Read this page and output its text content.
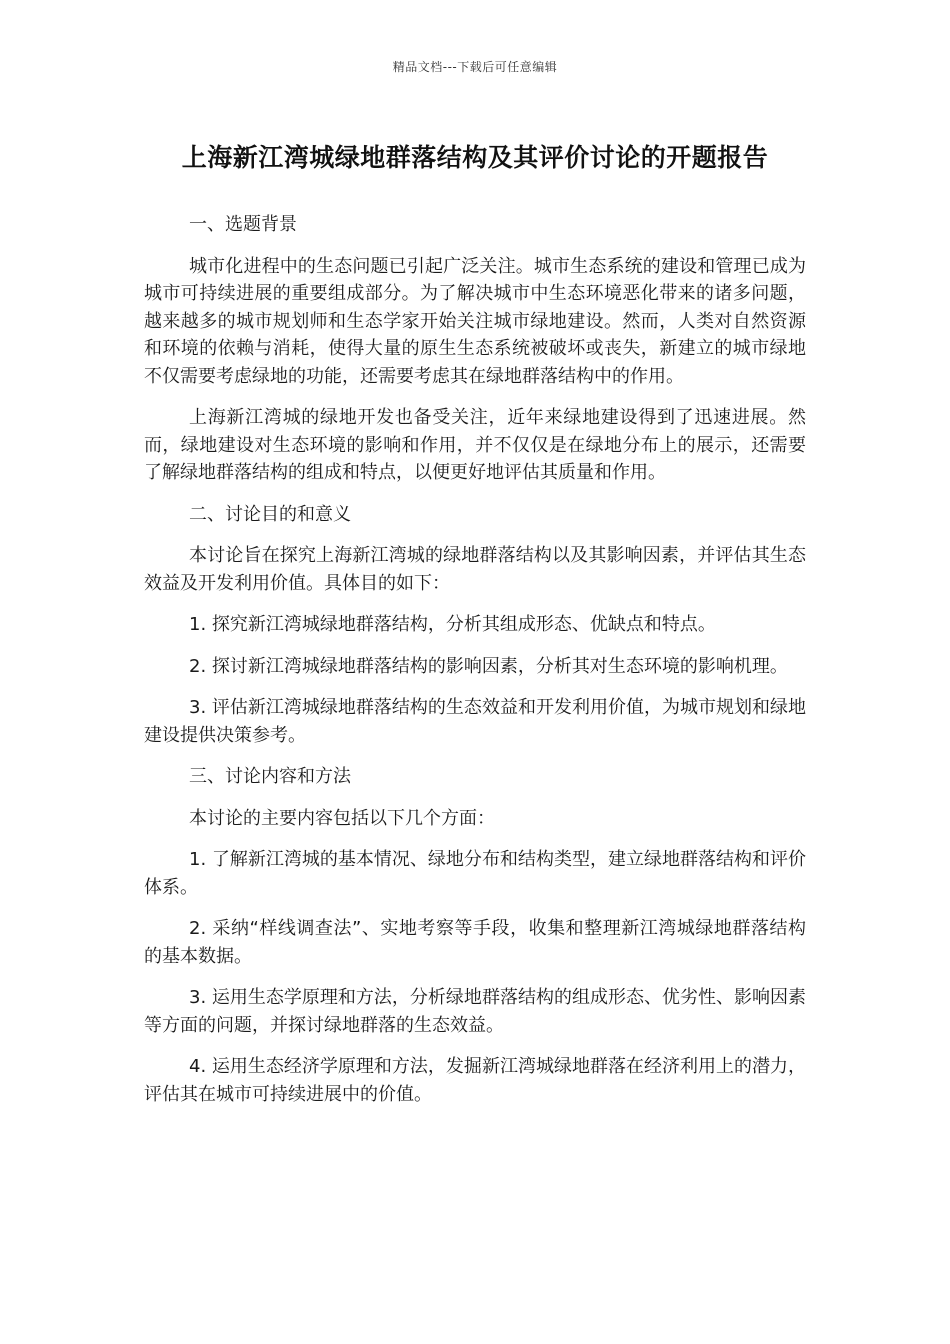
精品文档---下载后可任意编辑
上海新江湾城绿地群落结构及其评价讨论的开题报告
一、选题背景

城市化进程中的生态问题已引起广泛关注。城市生态系统的建设和管理已成为城市可持续进展的重要组成部分。为了解决城市中生态环境恶化带来的诸多问题，越来越多的城市规划师和生态学家开始关注城市绿地建设。然而，人类对自然资源和环境的依赖与消耗，使得大量的原生生态系统被破坏或丧失，新建立的城市绿地不仅需要考虑绿地的功能，还需要考虑其在绿地群落结构中的作用。

上海新江湾城的绿地开发也备受关注，近年来绿地建设得到了迅速进展。然而，绿地建设对生态环境的影响和作用，并不仅仅是在绿地分布上的展示，还需要了解绿地群落结构的组成和特点，以便更好地评估其质量和作用。

二、讨论目的和意义

本讨论旨在探究上海新江湾城的绿地群落结构以及其影响因素，并评估其生态效益及开发利用价值。具体目的如下：

1. 探究新江湾城绿地群落结构，分析其组成形态、优缺点和特点。

2. 探讨新江湾城绿地群落结构的影响因素，分析其对生态环境的影响机理。

3. 评估新江湾城绿地群落结构的生态效益和开发利用价值，为城市规划和绿地建设提供决策参考。

三、讨论内容和方法

本讨论的主要内容包括以下几个方面：

1. 了解新江湾城的基本情况、绿地分布和结构类型，建立绿地群落结构和评价体系。

2. 采纳“样线调查法”、实地考察等手段，收集和整理新江湾城绿地群落结构的基本数据。

3. 运用生态学原理和方法，分析绿地群落结构的组成形态、优劣性、影响因素等方面的问题，并探讨绿地群落的生态效益。

4. 运用生态经济学原理和方法，发掘新江湾城绿地群落在经济利用上的潜力，评估其在城市可持续进展中的价值。
